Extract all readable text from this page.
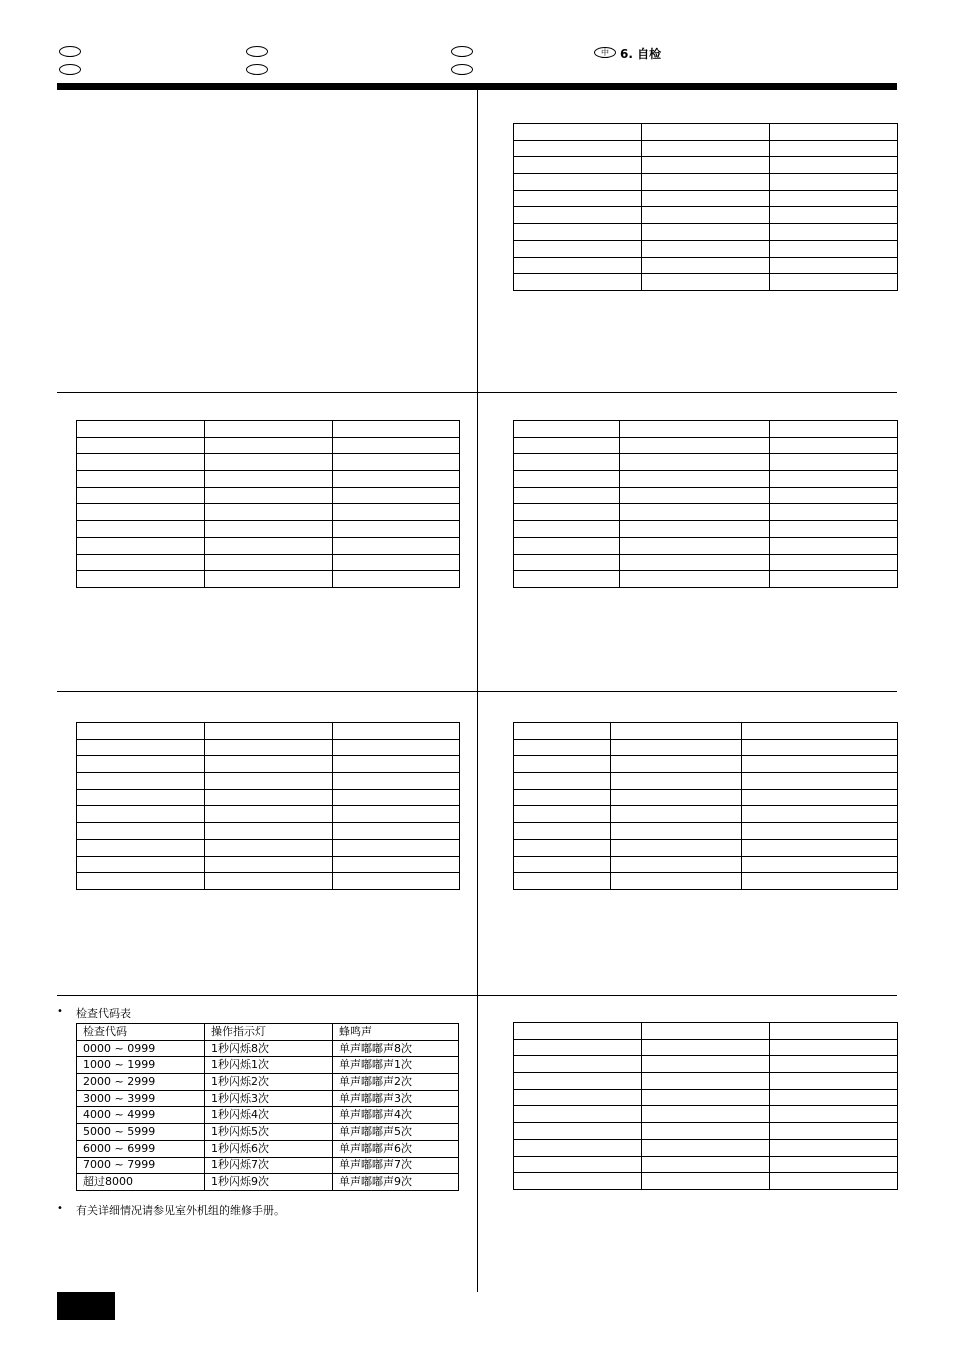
中 6. 自检

• 检查代码表
检查代码	操作指示灯	蜂鸣声
0000 ~ 0999	1秒闪烁8次	单声嘟嘟声8次
1000 ~ 1999	1秒闪烁1次	单声嘟嘟声1次
2000 ~ 2999	1秒闪烁2次	单声嘟嘟声2次
3000 ~ 3999	1秒闪烁3次	单声嘟嘟声3次
4000 ~ 4999	1秒闪烁4次	单声嘟嘟声4次
5000 ~ 5999	1秒闪烁5次	单声嘟嘟声5次
6000 ~ 6999	1秒闪烁6次	单声嘟嘟声6次
7000 ~ 7999	1秒闪烁7次	单声嘟嘟声7次
超过8000	1秒闪烁9次	单声嘟嘟声9次
• 有关详细情况请参见室外机组的维修手册。
